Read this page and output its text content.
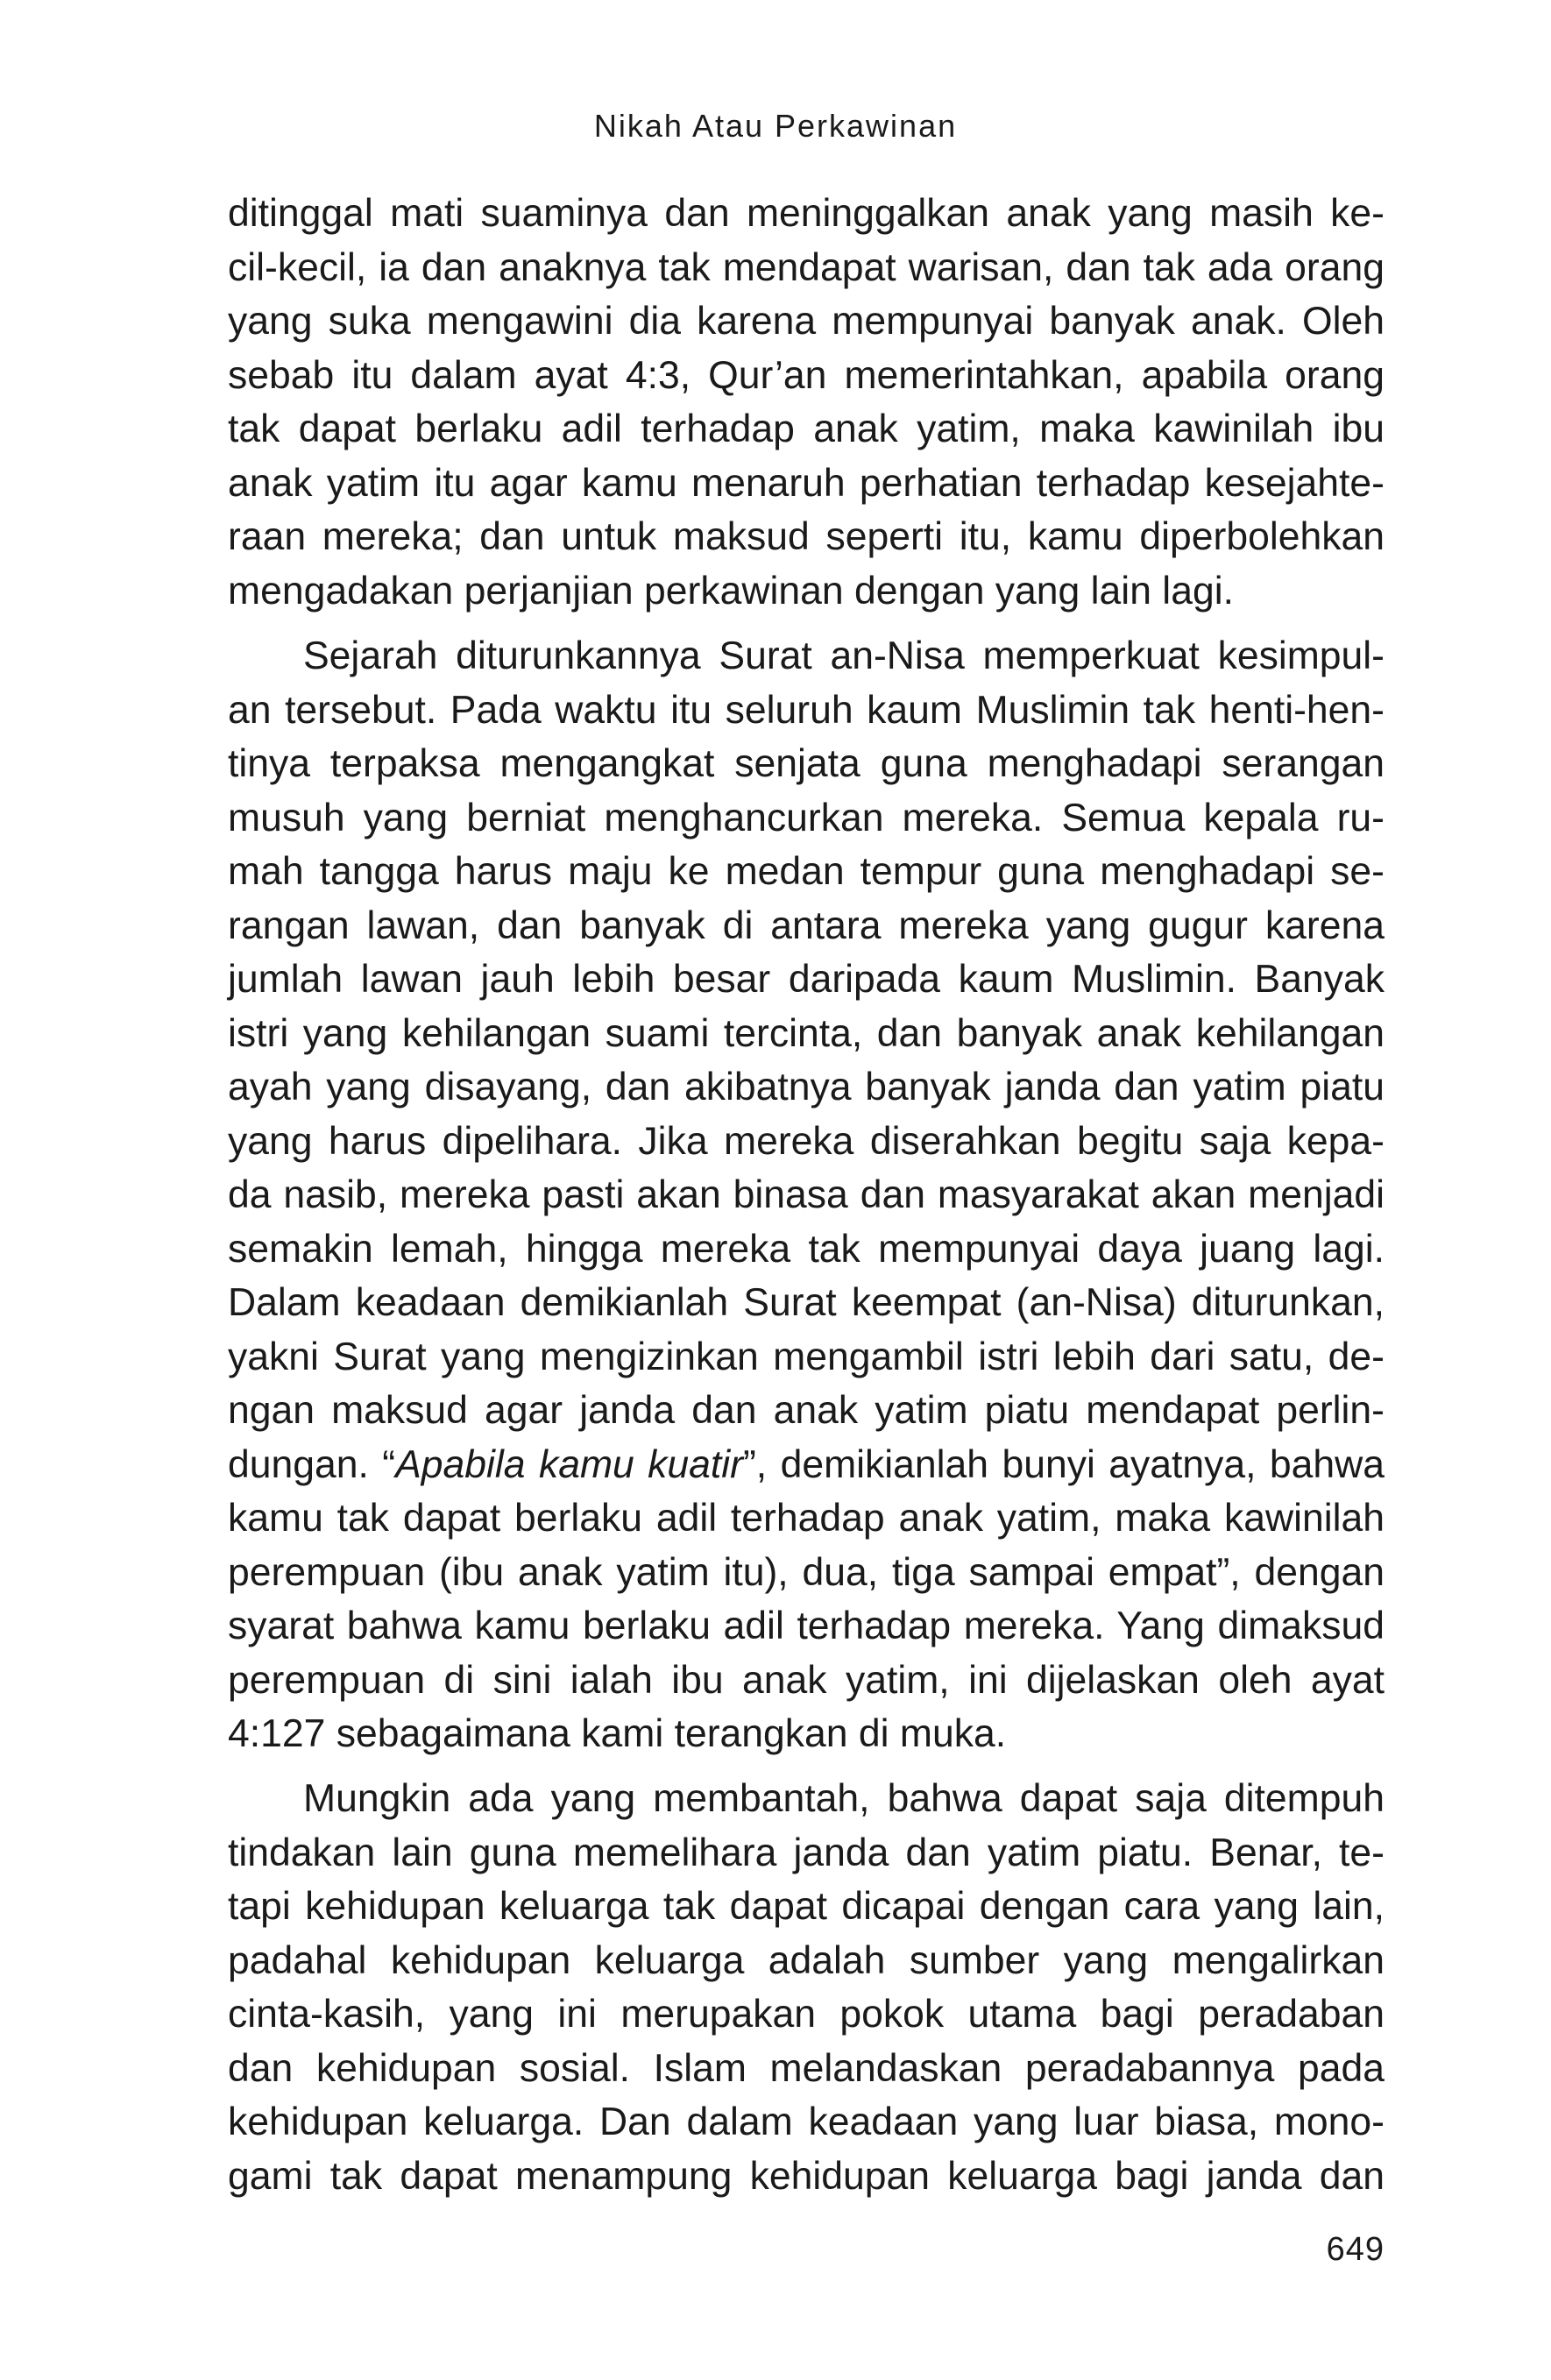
Nikah Atau Perkawinan
ditinggal mati suaminya dan meninggalkan anak yang masih ke-
cil-kecil, ia dan anaknya tak mendapat warisan, dan tak ada orang
yang suka mengawini dia karena mempunyai banyak anak. Oleh
sebab itu dalam ayat 4:3, Qur’an memerintahkan, apabila orang
tak dapat berlaku adil terhadap anak yatim, maka kawinilah ibu
anak yatim itu agar kamu menaruh perhatian terhadap kesejahte-
raan mereka; dan untuk maksud seperti itu, kamu diperbolehkan
mengadakan perjanjian perkawinan dengan yang lain lagi.
Sejarah diturunkannya Surat an-Nisa memperkuat kesimpul-
an tersebut. Pada waktu itu seluruh kaum Muslimin tak henti-hen-
tinya terpaksa mengangkat senjata guna menghadapi serangan
musuh yang berniat menghancurkan mereka. Semua kepala ru-
mah tangga harus maju ke medan tempur guna menghadapi se-
rangan lawan, dan banyak di antara mereka yang gugur karena
jumlah lawan jauh lebih besar daripada kaum Muslimin. Banyak
istri yang kehilangan suami tercinta, dan banyak anak kehilangan
ayah yang disayang, dan akibatnya banyak janda dan yatim piatu
yang harus dipelihara. Jika mereka diserahkan begitu saja kepa-
da nasib, mereka pasti akan binasa dan masyarakat akan menjadi
semakin lemah, hingga mereka tak mempunyai daya juang lagi.
Dalam keadaan demikianlah Surat keempat (an-Nisa) diturunkan,
yakni Surat yang mengizinkan mengambil istri lebih dari satu, de-
ngan maksud agar janda dan anak yatim piatu mendapat perlin-
dungan. “Apabila kamu kuatir”, demikianlah bunyi ayatnya, bahwa
kamu tak dapat berlaku adil terhadap anak yatim, maka kawinilah
perempuan (ibu anak yatim itu), dua, tiga sampai empat”, dengan
syarat bahwa kamu berlaku adil terhadap mereka. Yang dimaksud
perempuan di sini ialah ibu anak yatim, ini dijelaskan oleh ayat
4:127 sebagaimana kami terangkan di muka.
Mungkin ada yang membantah, bahwa dapat saja ditempuh
tindakan lain guna memelihara janda dan yatim piatu. Benar, te-
tapi kehidupan keluarga tak dapat dicapai dengan cara yang lain,
padahal kehidupan keluarga adalah sumber yang mengalirkan
cinta-kasih, yang ini merupakan pokok utama bagi peradaban
dan kehidupan sosial. Islam melandaskan peradabannya pada
kehidupan keluarga. Dan dalam keadaan yang luar biasa, mono-
gami tak dapat menampung kehidupan keluarga bagi janda dan
649
